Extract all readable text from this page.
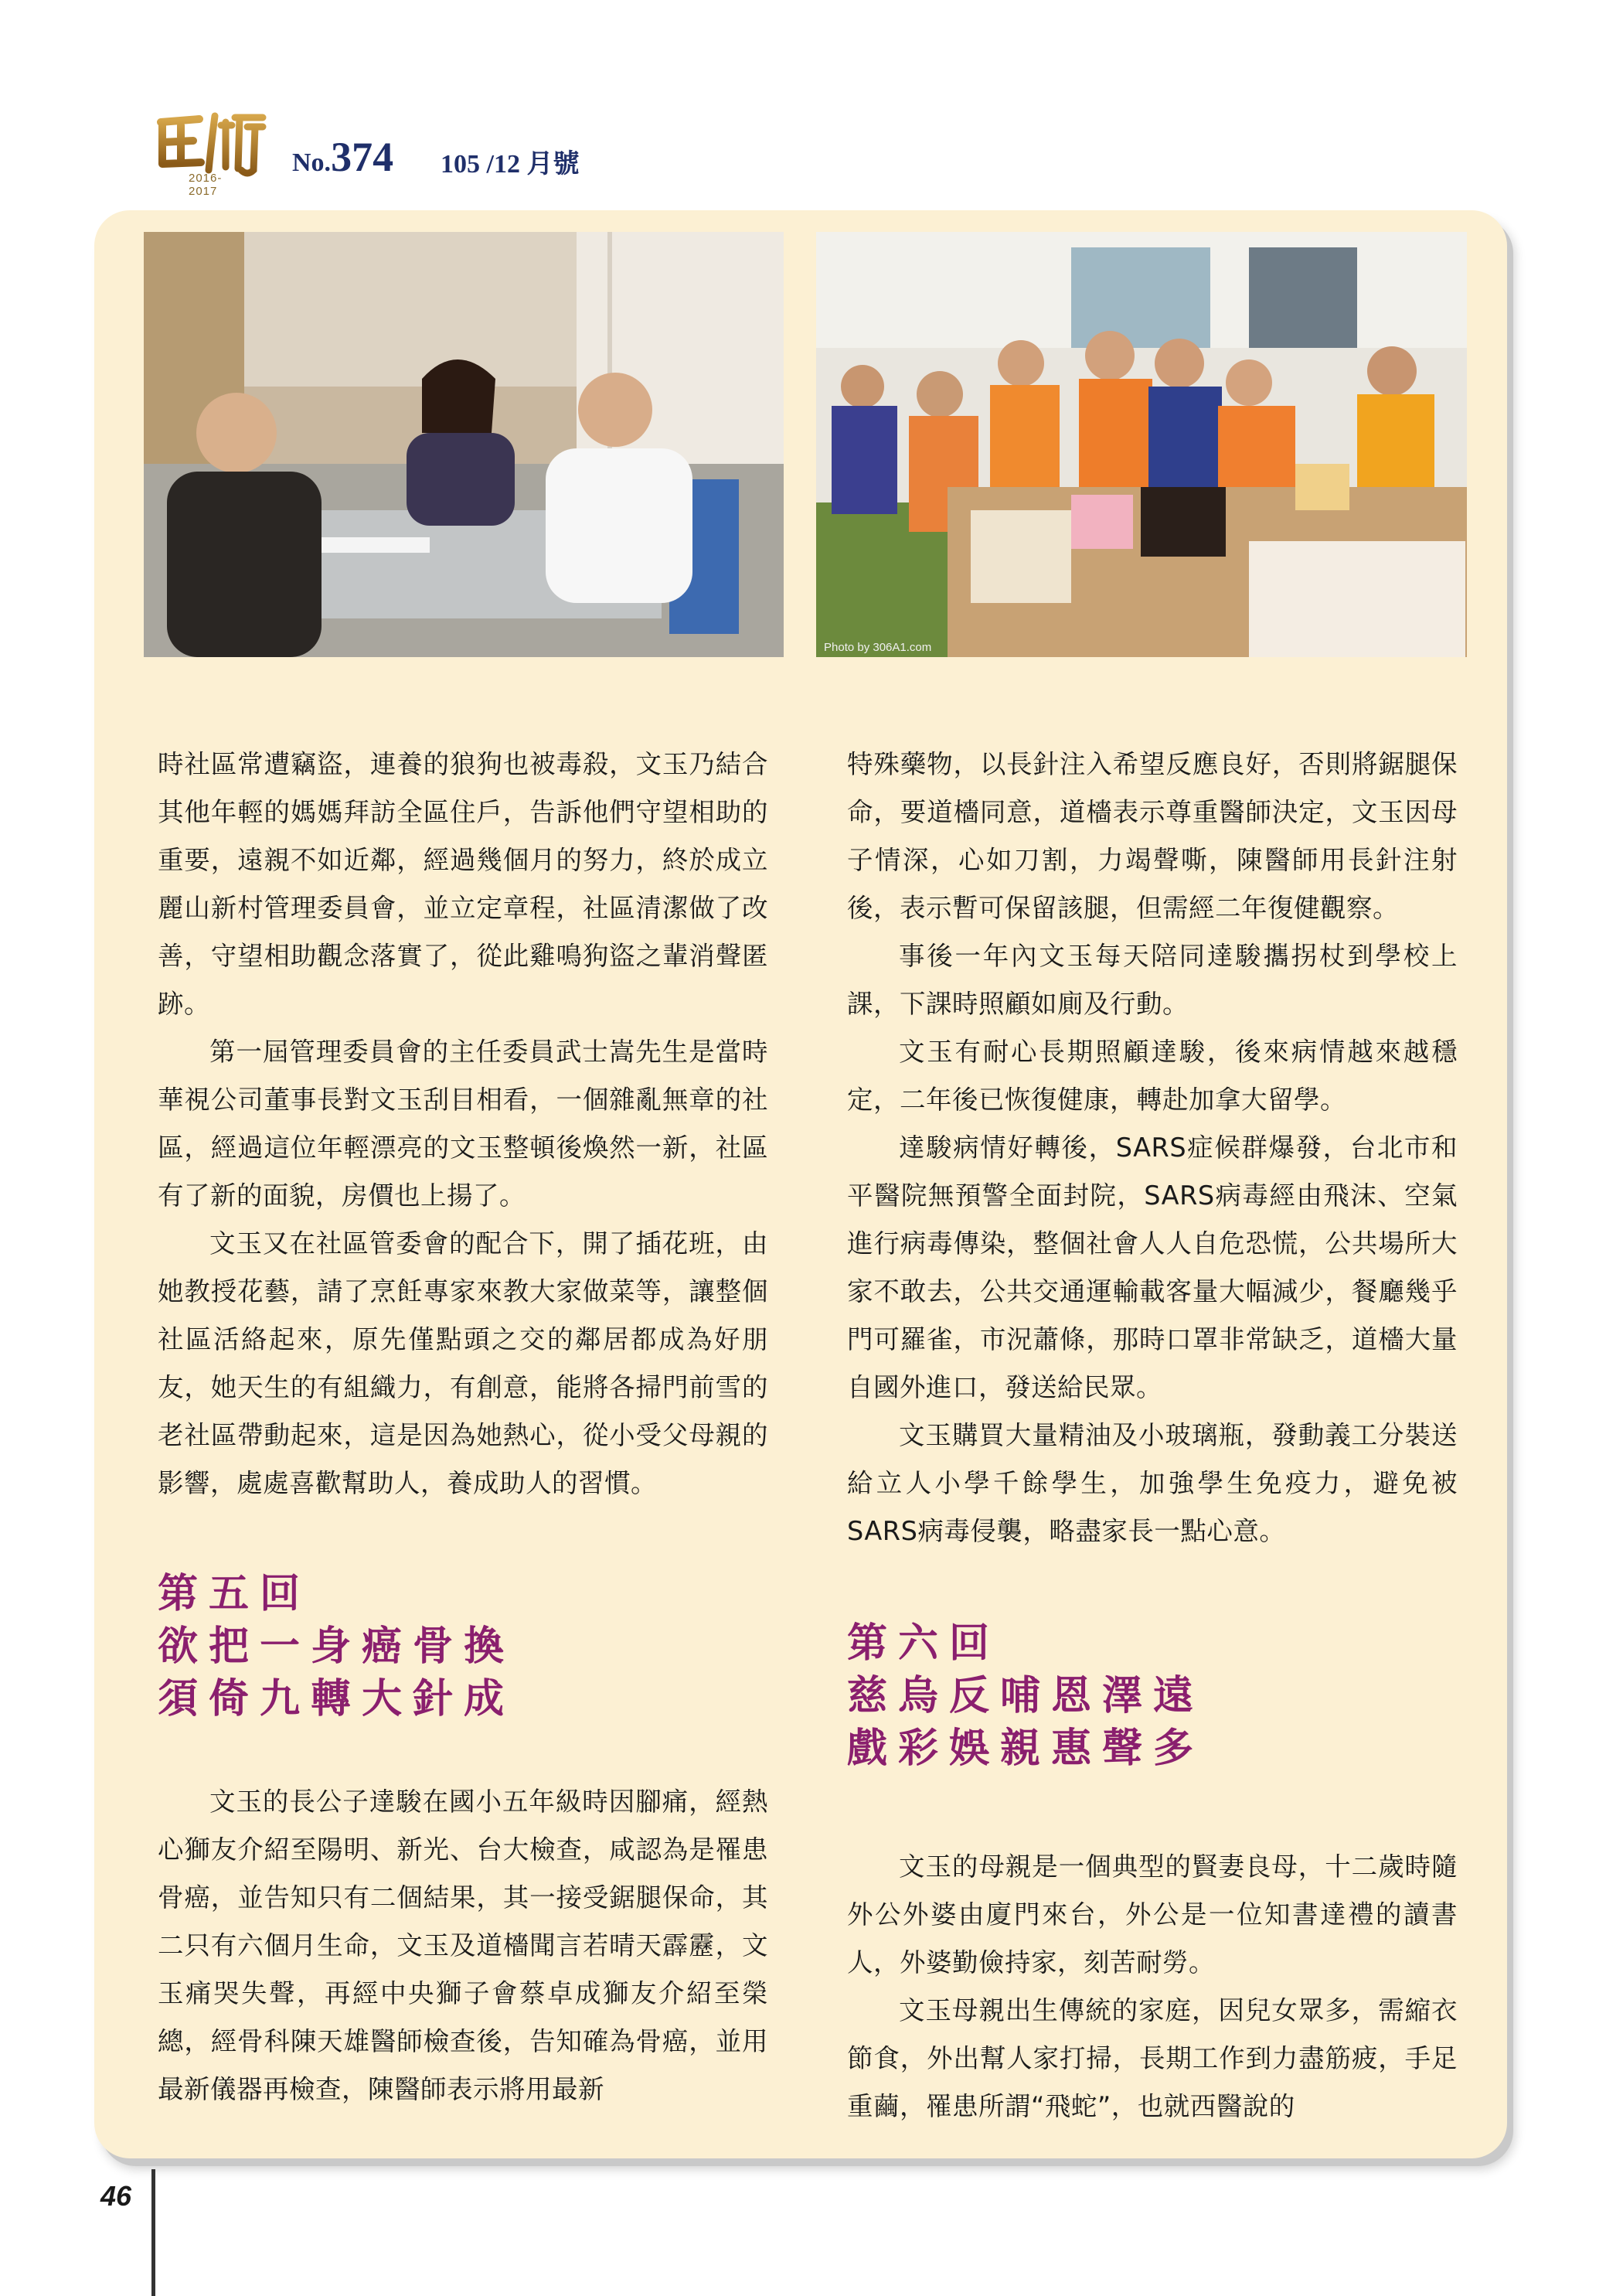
2016-2017
No.374 105 /12 月號
Photo by 306A1.com

時社區常遭竊盜，連養的狼狗也被毒殺，文玉乃結合其他年輕的媽媽拜訪全區住戶，告訴他們守望相助的重要，遠親不如近鄰，經過幾個月的努力，終於成立麗山新村管理委員會，並立定章程，社區清潔做了改善，守望相助觀念落實了，從此雞鳴狗盜之輩消聲匿跡。

第一屆管理委員會的主任委員武士嵩先生是當時華視公司董事長對文玉刮目相看，一個雜亂無章的社區，經過這位年輕漂亮的文玉整頓後煥然一新，社區有了新的面貌，房價也上揚了。

文玉又在社區管委會的配合下，開了插花班，由她教授花藝，請了烹飪專家來教大家做菜等，讓整個社區活絡起來，原先僅點頭之交的鄰居都成為好朋友，她天生的有組織力，有創意，能將各掃門前雪的老社區帶動起來，這是因為她熱心，從小受父母親的影響，處處喜歡幫助人，養成助人的習慣。

第五回
欲把一身癌骨換
須倚九轉大針成

文玉的長公子達駿在國小五年級時因腳痛，經熱心獅友介紹至陽明、新光、台大檢查，咸認為是罹患骨癌，並告知只有二個結果，其一接受鋸腿保命，其二只有六個月生命，文玉及道檣聞言若晴天霹靂，文玉痛哭失聲，再經中央獅子會蔡卓成獅友介紹至榮總，經骨科陳天雄醫師檢查後，告知確為骨癌，並用最新儀器再檢查，陳醫師表示將用最新

特殊藥物，以長針注入希望反應良好，否則將鋸腿保命，要道檣同意，道檣表示尊重醫師決定，文玉因母子情深，心如刀割，力竭聲嘶，陳醫師用長針注射後，表示暫可保留該腿，但需經二年復健觀察。

事後一年內文玉每天陪同達駿攜拐杖到學校上課，下課時照顧如廁及行動。

文玉有耐心長期照顧達駿，後來病情越來越穩定，二年後已恢復健康，轉赴加拿大留學。

達駿病情好轉後，SARS症候群爆發，台北市和平醫院無預警全面封院，SARS病毒經由飛沫、空氣進行病毒傳染，整個社會人人自危恐慌，公共場所大家不敢去，公共交通運輸載客量大幅減少，餐廳幾乎門可羅雀，市況蕭條，那時口罩非常缺乏，道檣大量自國外進口，發送給民眾。

文玉購買大量精油及小玻璃瓶，發動義工分裝送給立人小學千餘學生，加強學生免疫力，避免被SARS病毒侵襲，略盡家長一點心意。

第六回
慈烏反哺恩澤遠
戲彩娛親惠聲多

文玉的母親是一個典型的賢妻良母，十二歲時隨外公外婆由廈門來台，外公是一位知書達禮的讀書人，外婆勤儉持家，刻苦耐勞。

文玉母親出生傳統的家庭，因兒女眾多，需縮衣節食，外出幫人家打掃，長期工作到力盡筋疲，手足重繭，罹患所謂“飛蛇”，也就西醫說的

46
